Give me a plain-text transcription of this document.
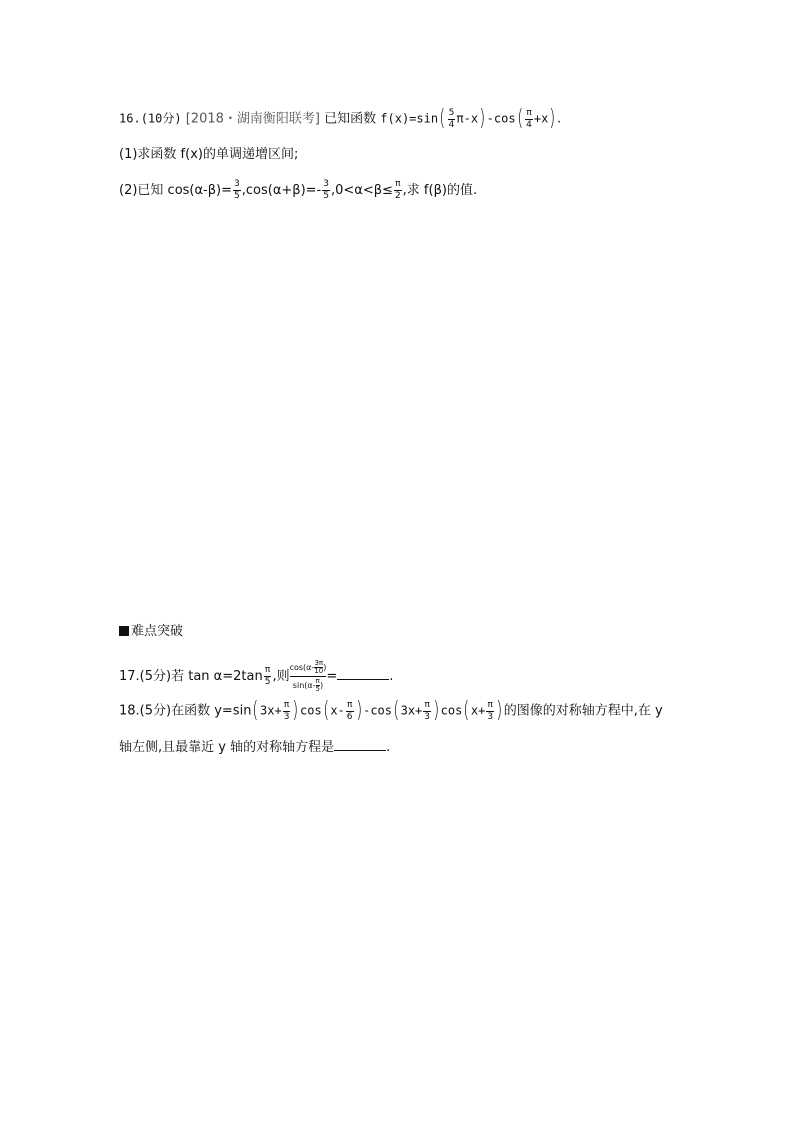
16.(10分) [2018・湖南衡阳联考] 已知函数 $f(x)=\sin( \frac{5}{4} \pi-x)-\cos( \frac{\pi}{4} +x)$.
(1)求函数 f(x)的单调递增区间;
(2)已知 $\cos(\alpha-\beta)= \frac{3}{5} ,\cos(\alpha+\beta)=- \frac{3}{5} ,0<\alpha<\beta\le \frac{\pi}{2}$ ,求 f(β)的值.
难点突破
17.(5分)若 $\tan \alpha=2\tan \frac{\pi}{5}$ ,则 $\frac{\cos(\alpha- \frac{3\pi}{10} )}{\sin(\alpha- \frac{\pi}{5} )}$ =	.
18.(5分)在函数 $y=\sin(3x+ \frac{\pi}{3} )\cos(x- \frac{\pi}{6} )-\cos(3x+ \frac{\pi}{3} )\cos(x+ \frac{\pi}{3}$ )的图像的对称轴方程中,在 y
轴左侧,且最靠近 y 轴的对称轴方程是	.
